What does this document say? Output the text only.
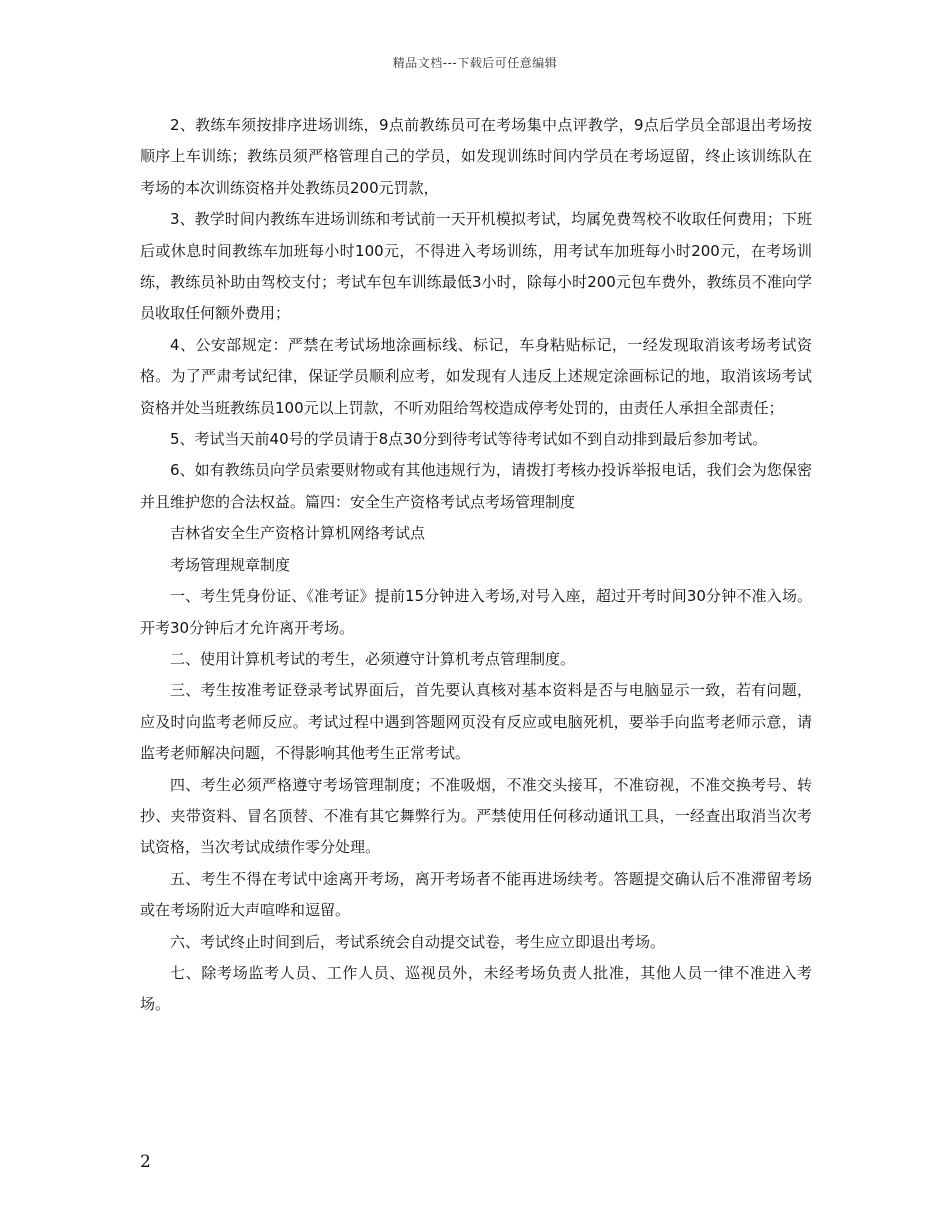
精品文档---下载后可任意编辑

2、教练车须按排序进场训练，9点前教练员可在考场集中点评教学，9点后学员全部退出考场按顺序上车训练；教练员须严格管理自己的学员，如发现训练时间内学员在考场逗留，终止该训练队在考场的本次训练资格并处教练员200元罚款，

3、教学时间内教练车进场训练和考试前一天开机模拟考试，均属免费驾校不收取任何费用；下班后或休息时间教练车加班每小时100元，不得进入考场训练，用考试车加班每小时200元，在考场训练，教练员补助由驾校支付；考试车包车训练最低3小时，除每小时200元包车费外，教练员不准向学员收取任何额外费用；

4、公安部规定：严禁在考试场地涂画标线、标记，车身粘贴标记，一经发现取消该考场考试资格。为了严肃考试纪律，保证学员顺利应考，如发现有人违反上述规定涂画标记的地，取消该场考试资格并处当班教练员100元以上罚款，不听劝阻给驾校造成停考处罚的，由责任人承担全部责任；

5、考试当天前40号的学员请于8点30分到待考试等待考试如不到自动排到最后参加考试。

6、如有教练员向学员索要财物或有其他违规行为，请拨打考核办投诉举报电话，我们会为您保密并且维护您的合法权益。篇四：安全生产资格考试点考场管理制度

吉林省安全生产资格计算机网络考试点

考场管理规章制度

一、考生凭身份证、《准考证》提前15分钟进入考场,对号入座，超过开考时间30分钟不准入场。开考30分钟后才允许离开考场。

二、使用计算机考试的考生，必须遵守计算机考点管理制度。

三、考生按准考证登录考试界面后，首先要认真核对基本资料是否与电脑显示一致，若有问题，应及时向监考老师反应。考试过程中遇到答题网页没有反应或电脑死机，要举手向监考老师示意，请监考老师解决问题，不得影响其他考生正常考试。

四、考生必须严格遵守考场管理制度；不准吸烟，不准交头接耳，不准窃视，不准交换考号、转抄、夹带资料、冒名顶替、不准有其它舞弊行为。严禁使用任何移动通讯工具，一经查出取消当次考试资格，当次考试成绩作零分处理。

五、考生不得在考试中途离开考场，离开考场者不能再进场续考。答题提交确认后不准滞留考场或在考场附近大声喧哗和逗留。

六、考试终止时间到后，考试系统会自动提交试卷，考生应立即退出考场。

七、除考场监考人员、工作人员、巡视员外，未经考场负责人批准，其他人员一律不准进入考场。

2
